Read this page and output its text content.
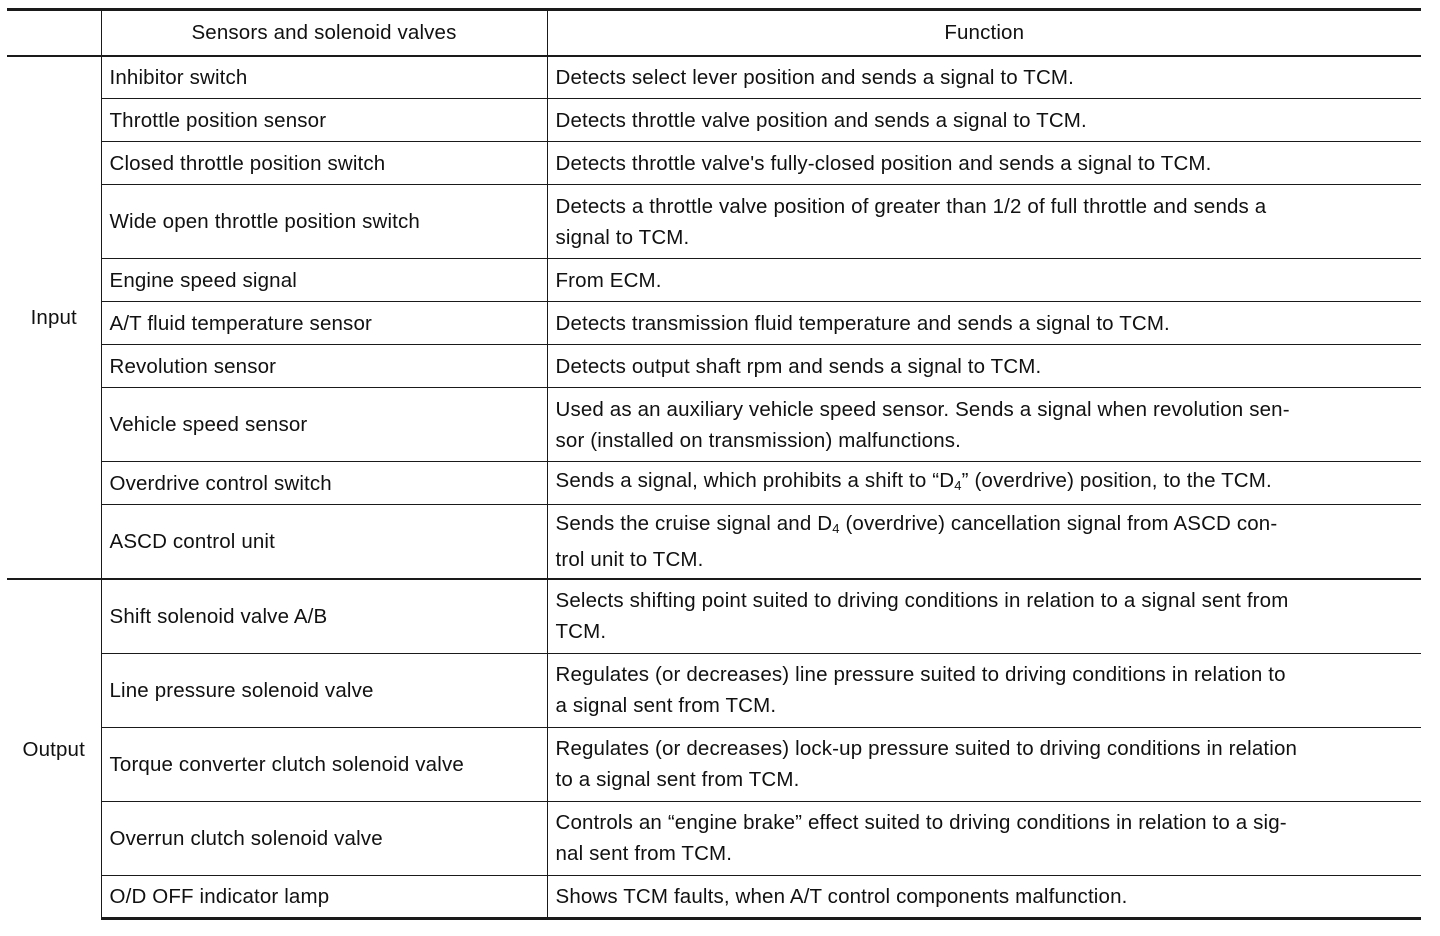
	Sensors and solenoid valves	Function
Input	Inhibitor switch	Detects select lever position and sends a signal to TCM.
	Throttle position sensor	Detects throttle valve position and sends a signal to TCM.
	Closed throttle position switch	Detects throttle valve's fully-closed position and sends a signal to TCM.
	Wide open throttle position switch	Detects a throttle valve position of greater than 1/2 of full throttle and sends a
signal to TCM.

	Engine speed signal	From ECM.
	A/T fluid temperature sensor	Detects transmission fluid temperature and sends a signal to TCM.
	Revolution sensor	Detects output shaft rpm and sends a signal to TCM.
	Vehicle speed sensor	Used as an auxiliary vehicle speed sensor. Sends a signal when revolution sen-
sor (installed on transmission) malfunctions.

	Overdrive control switch	Sends a signal, which prohibits a shift to “$D_4$” (overdrive) position, to the TCM.
	ASCD control unit	Sends the cruise signal and $D_4$ (overdrive) cancellation signal from ASCD con-
trol unit to TCM.

Output	Shift solenoid valve A/B	Selects shifting point suited to driving conditions in relation to a signal sent from
TCM.

	Line pressure solenoid valve	Regulates (or decreases) line pressure suited to driving conditions in relation to
a signal sent from TCM.

	Torque converter clutch solenoid valve	Regulates (or decreases) lock-up pressure suited to driving conditions in relation
to a signal sent from TCM.

	Overrun clutch solenoid valve	Controls an “engine brake” effect suited to driving conditions in relation to a sig-
nal sent from TCM.

	O/D OFF indicator lamp	Shows TCM faults, when A/T control components malfunction.
